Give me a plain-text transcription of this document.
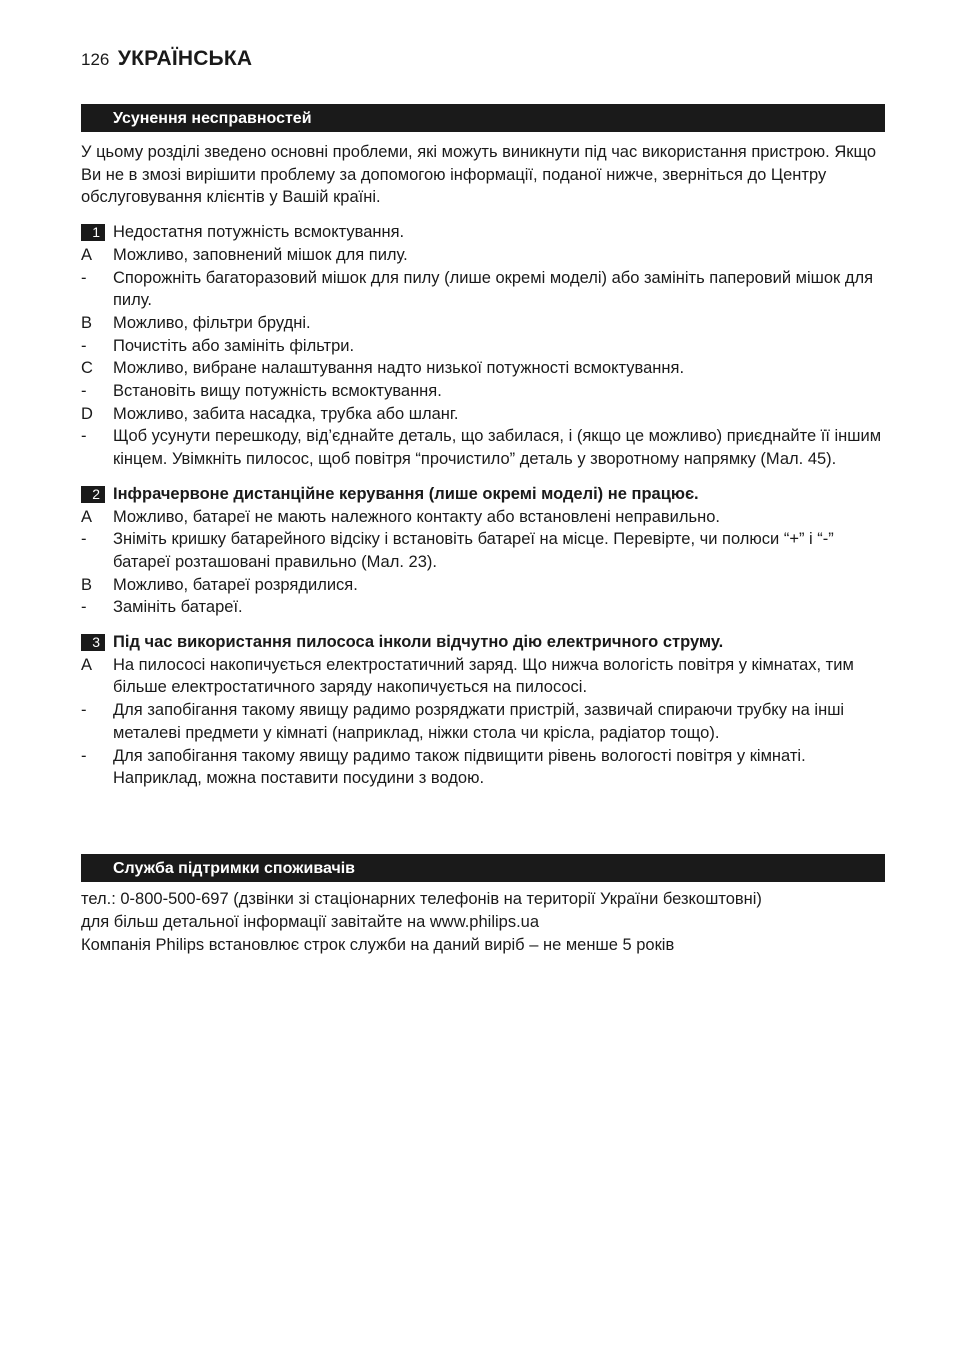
126 УКРАЇНСЬКА
Усунення несправностей

У цьому розділі зведено основні проблеми, які можуть виникнути під час використання пристрою. Якщо Ви не в змозі вирішити проблему за допомогою інформації, поданої нижче, зверніться до Центру обслуговування клієнтів у Вашій країні.

1 Недостатня потужність всмоктування.
A	Можливо, заповнений мішок для пилу.
-	Спорожніть багаторазовий мішок для пилу (лише окремі моделі) або замініть паперовий мішок для пилу.
B	Можливо, фільтри брудні.
-	Почистіть або замініть фільтри.
C	Можливо, вибране налаштування надто низької потужності всмоктування.
-	Встановіть вищу потужність всмоктування.
D	Можливо, забита насадка, трубка або шланг.
-	Щоб усунути перешкоду, від’єднайте деталь, що забилася, і (якщо це можливо) приєднайте її іншим кінцем. Увімкніть пилосос, щоб повітря “прочистило” деталь у зворотному напрямку (Мал. 45).
2 Інфрачервоне дистанційне керування (лише окремі моделі) не працює.
A	Можливо, батареї не мають належного контакту або встановлені неправильно.
-	Зніміть кришку батарейного відсіку і встановіть батареї на місце. Перевірте, чи полюси “+” і “-” батареї розташовані правильно (Мал. 23).
B	Можливо, батареї розрядилися.
-	Замініть батареї.
3 Під час використання пилососа інколи відчутно дію електричного струму.
A	На пилососі накопичується електростатичний заряд. Що нижча вологість повітря у кімнатах, тим більше електростатичного заряду накопичується на пилососі.
-	Для запобігання такому явищу радимо розряджати пристрій, зазвичай спираючи трубку на інші металеві предмети у кімнаті (наприклад, ніжки стола чи крісла, радіатор тощо).
-	Для запобігання такому явищу радимо також підвищити рівень вологості повітря у кімнаті. Наприклад, можна поставити посудини з водою.
Служба підтримки споживачів
тел.: 0-800-500-697 (дзвінки зі стаціонарних телефонів на території України безкоштовні)
для більш детальної інформації завітайте на www.philips.ua
Компанія Philips встановлює строк служби на даний виріб – не менше 5 років
